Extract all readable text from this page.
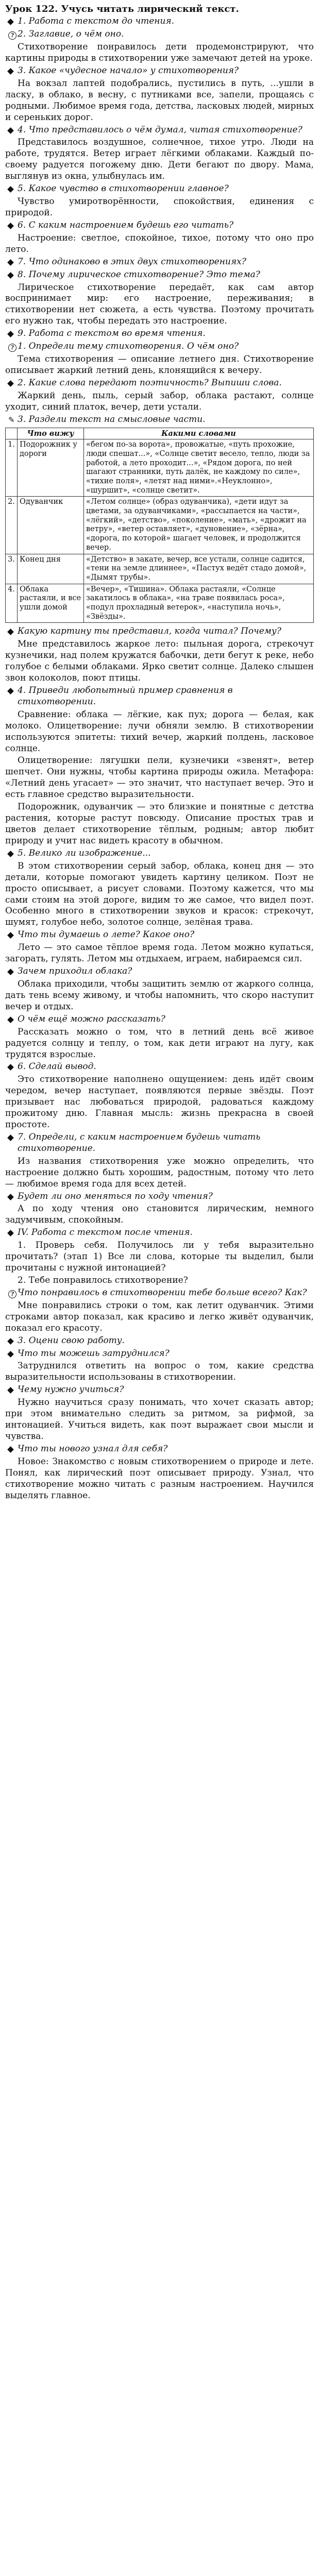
Урок 122. Учусь читать лирический текст.
1. Работа с текстом до чтения.
? 2. Заглавие, о чём оно.
Стихотворение понравилось дети продемонстрируют, что картины природы в стихотворении уже замечают детей на уроке.
3. Какое «чудесное начало» у стихотворения?
На вокзал лаптей подобрались, пустились в путь, ...ушли в ласку, в облако, в весну, с путниками все, запели, прощаясь с родными. Любимое время года, детства, ласковых людей, мирных и сереньких дорог.
4. Что представилось о чём думал, читая стихотворение?
Представилось воздушное, солнечное, тихое утро. Люди на работе, трудятся. Ветер играет лёгкими облаками. Каждый по-своему радуется погожему дню. Дети бегают по двору. Мама, выглянув из окна, улыбнулась им.
5. Какое чувство в стихотворении главное?
Чувство умиротворённости, спокойствия, единения с природой.
6. С каким настроением будешь его читать?
Настроение: светлое, спокойное, тихое, потому что оно про лето.
7. Что одинаково в этих двух стихотворениях?
8. Почему лирическое стихотворение? Это тема?
Лирическое стихотворение передаёт, как сам автор воспринимает мир: его настроение, переживания; в стихотворении нет сюжета, а есть чувства. Поэтому прочитать его нужно так, чтобы передать это настроение.
9. Работа с текстом во время чтения.
? 1. Определи тему стихотворения. О чём оно?
Тема стихотворения — описание летнего дня. Стихотворение описывает жаркий летний день, клонящийся к вечеру.
2. Какие слова передают поэтичность? Выпиши слова.
Жаркий день, пыль, серый забор, облака растают, солнце уходит, синий платок, вечер, дети устали.
✎ 3. Раздели текст на смысловые части.
	Что вижу	Какими словами
1.	Подорожник у дороги	«бегом по-за ворота», провожатые, «путь прохожие, люди спешат...», «Солнце светит весело, тепло, люди за работой, а лето проходит...», «Рядом дорога, по ней шагают странники, путь далёк, не каждому по силе», «тихие поля», «летят над ними».«Неуклонно», «шуршит», «солнце светит».
2.	Одуванчик	«Летом солнце» (образ одуванчика), «дети идут за цветами, за одуванчиками», «рассыпается на части», «лёгкий», «детство», «поколение», «мать», «дрожит на ветру», «ветер оставляет», «дуновение», «зёрна», «дорога, по которой» шагает человек, и продолжится вечер.
3.	Конец дня	«Детство» в закате, вечер, все устали, солнце садится, «тени на земле длиннее», «Пастух ведёт стадо домой», «Дымят трубы».
4.	Облака растаяли, и все ушли домой	«Вечер», «Тишина». Облака растаяли, «Солнце закатилось в облака», «на траве появилась роса», «подул прохладный ветерок», «наступила ночь», «Звёзды».
Какую картину ты представил, когда читал? Почему?
Мне представилось жаркое лето: пыльная дорога, стрекочут кузнечики, над полем кружатся бабочки, дети бегут к реке, небо голубое с белыми облаками. Ярко светит солнце. Далеко слышен звон колоколов, поют птицы.
4. Приведи любопытный пример сравнения в стихотворении.
Сравнение: облака — лёгкие, как пух; дорога — белая, как молоко. Олицетворение: лучи обняли землю. В стихотворении используются эпитеты: тихий вечер, жаркий полдень, ласковое солнце.
Олицетворение: лягушки пели, кузнечики «звенят», ветер шепчет. Они нужны, чтобы картина природы ожила. Метафора: «Летний день угасает» — это значит, что наступает вечер. Это и есть главное средство выразительности.
Подорожник, одуванчик — это близкие и понятные с детства растения, которые растут повсюду. Описание простых трав и цветов делает стихотворение тёплым, родным; автор любит природу и учит нас видеть красоту в обычном.
5. Велико ли изображение...
В этом стихотворении серый забор, облака, конец дня — это детали, которые помогают увидеть картину целиком. Поэт не просто описывает, а рисует словами. Поэтому кажется, что мы сами стоим на этой дороге, видим то же самое, что видел поэт. Особенно много в стихотворении звуков и красок: стрекочут, шумят, голубое небо, золотое солнце, зелёная трава.
Что ты думаешь о лете? Какое оно?
Лето — это самое тёплое время года. Летом можно купаться, загорать, гулять. Летом мы отдыхаем, играем, набираемся сил.
Зачем приходил облака?
Облака приходили, чтобы защитить землю от жаркого солнца, дать тень всему живому, и чтобы напомнить, что скоро наступит вечер и отдых.
О чём ещё можно рассказать?
Рассказать можно о том, что в летний день всё живое радуется солнцу и теплу, о том, как дети играют на лугу, как трудятся взрослые.
6. Сделай вывод.
Это стихотворение наполнено ощущением: день идёт своим чередом, вечер наступает, появляются первые звёзды. Поэт призывает нас любоваться природой, радоваться каждому прожитому дню. Главная мысль: жизнь прекрасна в своей простоте.
7. Определи, с каким настроением будешь читать стихотворение.
Из названия стихотворения уже можно определить, что настроение должно быть хорошим, радостным, потому что лето — любимое время года для всех детей.
Будет ли оно меняться по ходу чтения?
А по ходу чтения оно становится лирическим, немного задумчивым, спокойным.
IV. Работа с текстом после чтения.
1. Проверь себя. Получилось ли у тебя выразительно прочитать? (этап 1) Все ли слова, которые ты выделил, были прочитаны с нужной интонацией?
2. Тебе понравилось стихотворение?
? Что понравилось в стихотворении тебе больше всего? Как?
Мне понравились строки о том, как летит одуванчик. Этими строками автор показал, как красиво и легко живёт одуванчик, показал его красоту.
3. Оцени свою работу.
Что ты можешь затруднился?
Затруднился ответить на вопрос о том, какие средства выразительности использованы в стихотворении.
Чему нужно учиться?
Нужно научиться сразу понимать, что хочет сказать автор; при этом внимательно следить за ритмом, за рифмой, за интонацией. Учиться видеть, как поэт выражает свои мысли и чувства.
Что ты нового узнал для себя?
Новое: Знакомство с новым стихотворением о природе и лете. Понял, как лирический поэт описывает природу. Узнал, что стихотворение можно читать с разным настроением. Научился выделять главное.
